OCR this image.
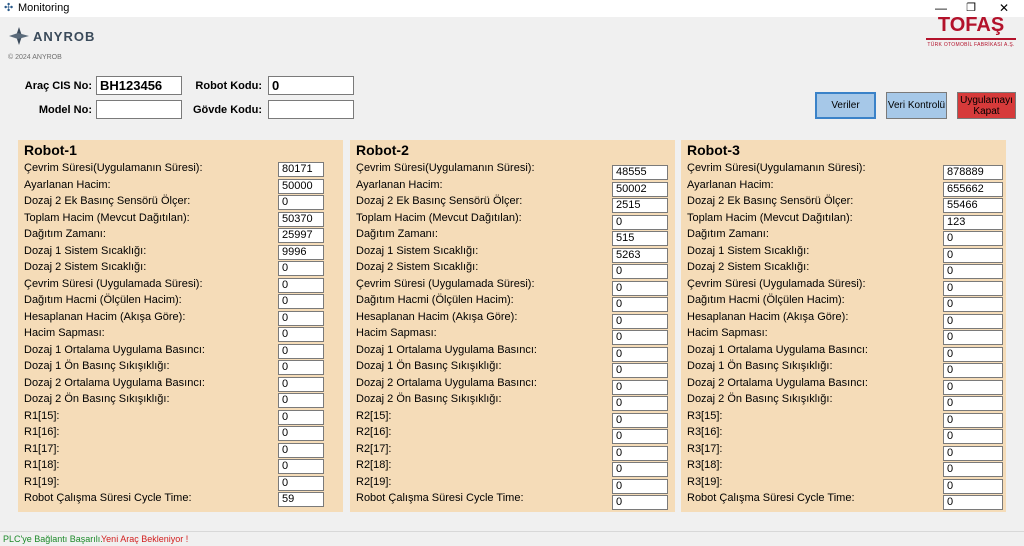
✣ Monitoring	—	❐	✕
ANYROB
© 2024 ANYROB
TOFAŞ
TÜRK OTOMOBİL FABRİKASI A.Ş.
Araç CIS No: BH123456	Robot Kodu: 0
Model No:	Gövde Kodu:	Veriler	Veri Kontrolü	Uygulamayı Kapat
Robot-1
Çevrim Süresi(Uygulamanın Süresi):	80171
Ayarlanan Hacim:	50000
Dozaj 2 Ek Basınç Sensörü Ölçer:	0
Toplam Hacim (Mevcut Dağıtılan):	50370
Dağıtım Zamanı:	25997
Dozaj 1 Sistem Sıcaklığı:	9996
Dozaj 2 Sistem Sıcaklığı:	0
Çevrim Süresi (Uygulamada Süresi):	0
Dağıtım Hacmi (Ölçülen Hacim):	0
Hesaplanan Hacim (Akışa Göre):	0
Hacim Sapması:	0
Dozaj 1 Ortalama Uygulama Basıncı:	0
Dozaj 1 Ön Basınç Sıkışıklığı:	0
Dozaj 2 Ortalama Uygulama Basıncı:	0
Dozaj 2 Ön Basınç Sıkışıklığı:	0
R1[15]:	0
R1[16]:	0
R1[17]:	0
R1[18]:	0
R1[19]:	0
Robot Çalışma Süresi Cycle Time:	59
Robot-2
Çevrim Süresi(Uygulamanın Süresi):	48555
Ayarlanan Hacim:	50002
Dozaj 2 Ek Basınç Sensörü Ölçer:	2515
Toplam Hacim (Mevcut Dağıtılan):	0
Dağıtım Zamanı:	515
Dozaj 1 Sistem Sıcaklığı:	5263
Dozaj 2 Sistem Sıcaklığı:	0
Çevrim Süresi (Uygulamada Süresi):	0
Dağıtım Hacmi (Ölçülen Hacim):	0
Hesaplanan Hacim (Akışa Göre):	0
Hacim Sapması:	0
Dozaj 1 Ortalama Uygulama Basıncı:	0
Dozaj 1 Ön Basınç Sıkışıklığı:	0
Dozaj 2 Ortalama Uygulama Basıncı:	0
Dozaj 2 Ön Basınç Sıkışıklığı:	0
R2[15]:	0
R2[16]:	0
R2[17]:	0
R2[18]:	0
R2[19]:	0
Robot Çalışma Süresi Cycle Time:	0
Robot-3
Çevrim Süresi(Uygulamanın Süresi):	878889
Ayarlanan Hacim:	655662
Dozaj 2 Ek Basınç Sensörü Ölçer:	55466
Toplam Hacim (Mevcut Dağıtılan):	123
Dağıtım Zamanı:	0
Dozaj 1 Sistem Sıcaklığı:	0
Dozaj 2 Sistem Sıcaklığı:	0
Çevrim Süresi (Uygulamada Süresi):	0
Dağıtım Hacmi (Ölçülen Hacim):	0
Hesaplanan Hacim (Akışa Göre):	0
Hacim Sapması:	0
Dozaj 1 Ortalama Uygulama Basıncı:	0
Dozaj 1 Ön Basınç Sıkışıklığı:	0
Dozaj 2 Ortalama Uygulama Basıncı:	0
Dozaj 2 Ön Basınç Sıkışıklığı:	0
R3[15]:	0
R3[16]:	0
R3[17]:	0
R3[18]:	0
R3[19]:	0
Robot Çalışma Süresi Cycle Time:	0
PLC'ye Bağlantı Başarılı.
Yeni Araç Bekleniyor !
